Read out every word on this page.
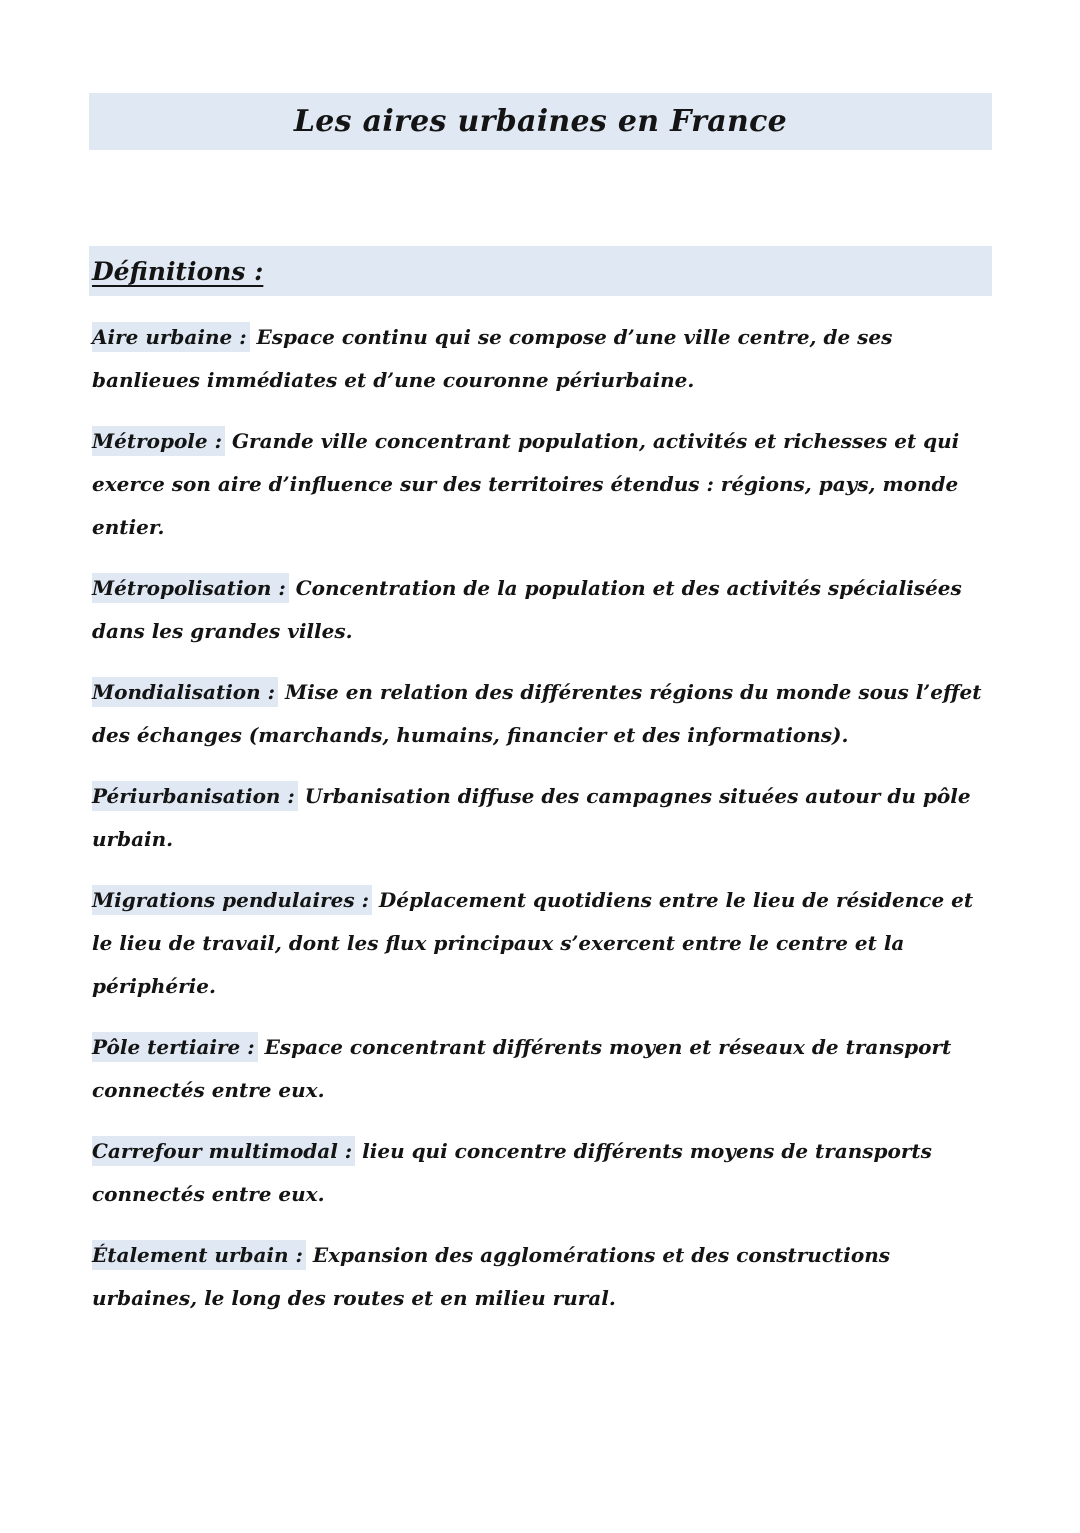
Les aires urbaines en France
Définitions :

Aire urbaine : Espace continu qui se compose d’une ville centre, de ses banlieues immédiates et d’une couronne périurbaine.

Métropole : Grande ville concentrant population, activités et richesses et qui exerce son aire d’influence sur des territoires étendus : régions, pays, monde entier.

Métropolisation : Concentration de la population et des activités spécialisées dans les grandes villes.

Mondialisation : Mise en relation des différentes régions du monde sous l’effet des échanges (marchands, humains, financier et des informations).

Périurbanisation : Urbanisation diffuse des campagnes situées autour du pôle urbain.

Migrations pendulaires : Déplacement quotidiens entre le lieu de résidence et le lieu de travail, dont les flux principaux s’exercent entre le centre et la périphérie.

Pôle tertiaire : Espace concentrant différents moyen et réseaux de transport connectés entre eux.

Carrefour multimodal : lieu qui concentre différents moyens de transports connectés entre eux.

Étalement urbain : Expansion des agglomérations et des constructions urbaines, le long des routes et en milieu rural.
